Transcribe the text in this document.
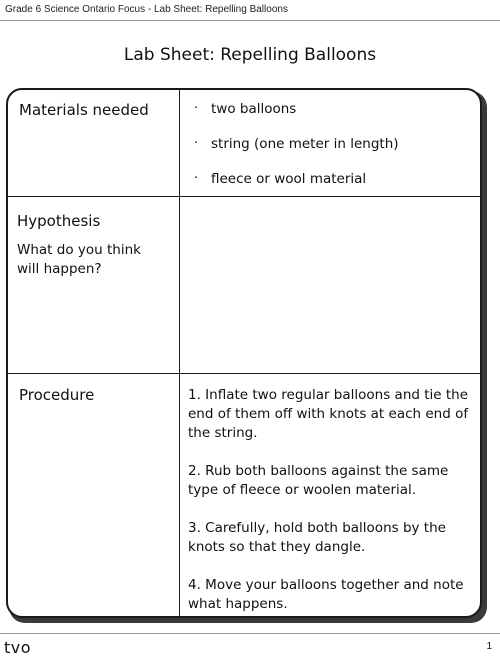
Grade 6 Science Ontario Focus - Lab Sheet: Repelling Balloons
Lab Sheet: Repelling Balloons
Materials needed	· two balloons
· string (one meter in length)
· fleece or wool material
Hypothesis
What do you think will happen?
Procedure	1. Inflate two regular balloons and tie the end of them off with knots at each end of the string.
2. Rub both balloons against the same type of fleece or woolen material.
3. Carefully, hold both balloons by the knots so that they dangle.
4. Move your balloons together and note what happens.
tvo	1
